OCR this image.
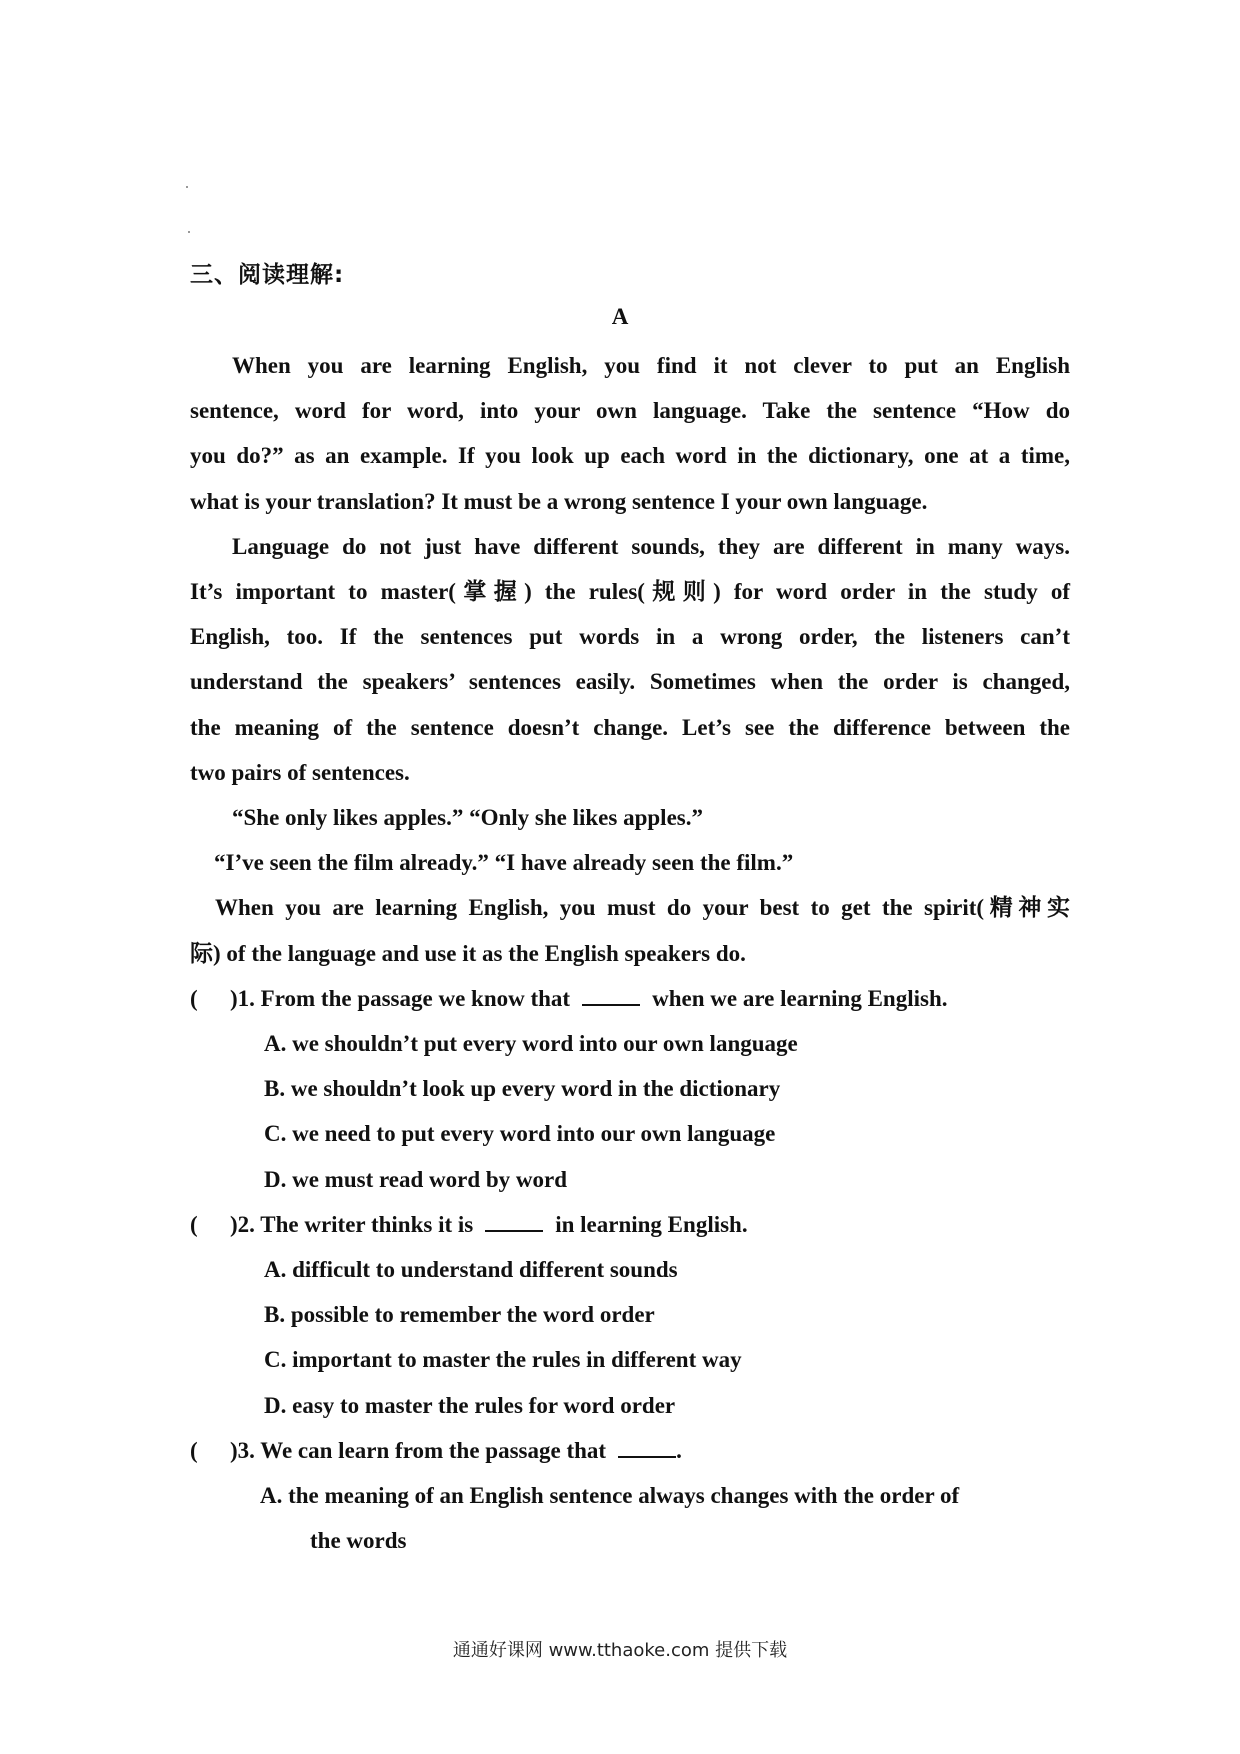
三、阅读理解:
A
When you are learning English, you find it not clever to put an English
sentence, word for word, into your own language. Take the sentence “How do
you do?” as an example. If you look up each word in the dictionary, one at a time,
what is your translation? It must be a wrong sentence I your own language.
Language do not just have different sounds, they are different in many ways.
It’s important to master(掌握) the rules(规则) for word order in the study of
English, too. If the sentences put words in a wrong order, the listeners can’t
understand the speakers’ sentences easily. Sometimes when the order is changed,
the meaning of the sentence doesn’t change. Let’s see the difference between the
two pairs of sentences.
“She only likes apples.” “Only she likes apples.”
“I’ve seen the film already.” “I have already seen the film.”
When you are learning English, you must do your best to get the spirit(精神实
际) of the language and use it as the English speakers do.
( )1. From the passage we know that	when we are learning English.
A. we shouldn’t put every word into our own language
B. we shouldn’t look up every word in the dictionary
C. we need to put every word into our own language
D. we must read word by word
( )2. The writer thinks it is	in learning English.
A. difficult to understand different sounds
B. possible to remember the word order
C. important to master the rules in different way
D. easy to master the rules for word order
( )3. We can learn from the passage that	.
A. the meaning of an English sentence always changes with the order of
the words
通通好课网 www.tthaoke.com 提供下载
